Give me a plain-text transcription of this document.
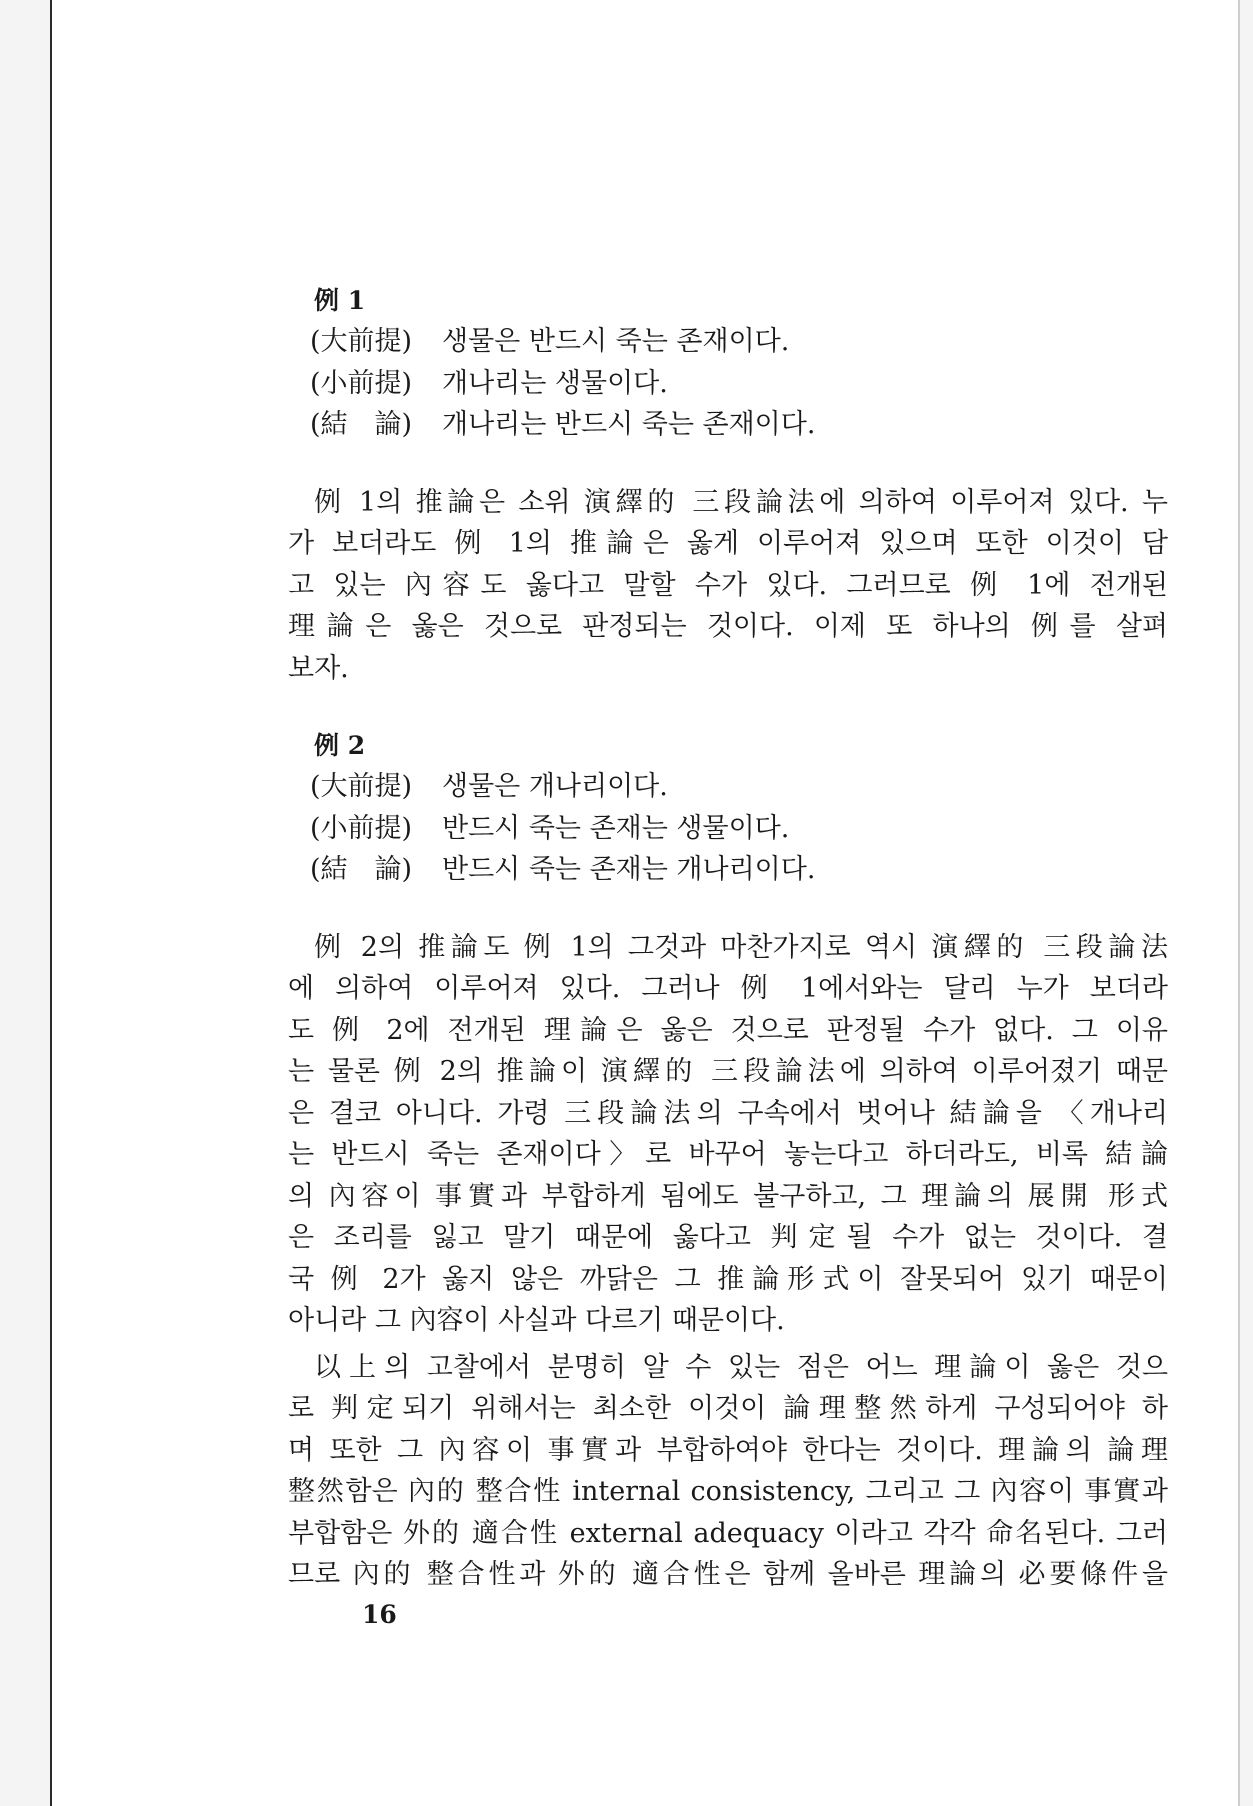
例 1
(大前提) 생물은 반드시 죽는 존재이다.
(小前提) 개나리는 생물이다.
(結　論) 개나리는 반드시 죽는 존재이다.
例 1의 推論은 소위 演繹的 三段論法에 의하여 이루어져 있다. 누
가 보더라도 例 1의 推論은 옳게 이루어져 있으며 또한 이것이 담
고 있는 內容도 옳다고 말할 수가 있다. 그러므로 例 1에 전개된
理論은 옳은 것으로 판정되는 것이다. 이제 또 하나의 例를 살펴
보자.
例 2
(大前提) 생물은 개나리이다.
(小前提) 반드시 죽는 존재는 생물이다.
(結　論) 반드시 죽는 존재는 개나리이다.
例 2의 推論도 例 1의 그것과 마찬가지로 역시 演繹的 三段論法
에 의하여 이루어져 있다. 그러나 例 1에서와는 달리 누가 보더라
도 例 2에 전개된 理論은 옳은 것으로 판정될 수가 없다. 그 이유
는 물론 例 2의 推論이 演繹的 三段論法에 의하여 이루어졌기 때문
은 결코 아니다. 가령 三段論法의 구속에서 벗어나 結論을 〈개나리
는 반드시 죽는 존재이다〉로 바꾸어 놓는다고 하더라도, 비록 結論
의 內容이 事實과 부합하게 됨에도 불구하고, 그 理論의 展開 形式
은 조리를 잃고 말기 때문에 옳다고 判定될 수가 없는 것이다. 결
국 例 2가 옳지 않은 까닭은 그 推論形式이 잘못되어 있기 때문이
아니라 그 內容이 사실과 다르기 때문이다.
以上의 고찰에서 분명히 알 수 있는 점은 어느 理論이 옳은 것으
로 判定되기 위해서는 최소한 이것이 論理整然하게 구성되어야 하
며 또한 그 內容이 事實과 부합하여야 한다는 것이다. 理論의 論理
整然함은 內的 整合性 internal consistency, 그리고 그 內容이 事實과
부합함은 外的 適合性 external adequacy 이라고 각각 命名된다. 그러
므로 內的 整合性과 外的 適合性은 함께 올바른 理論의 必要條件을
16
